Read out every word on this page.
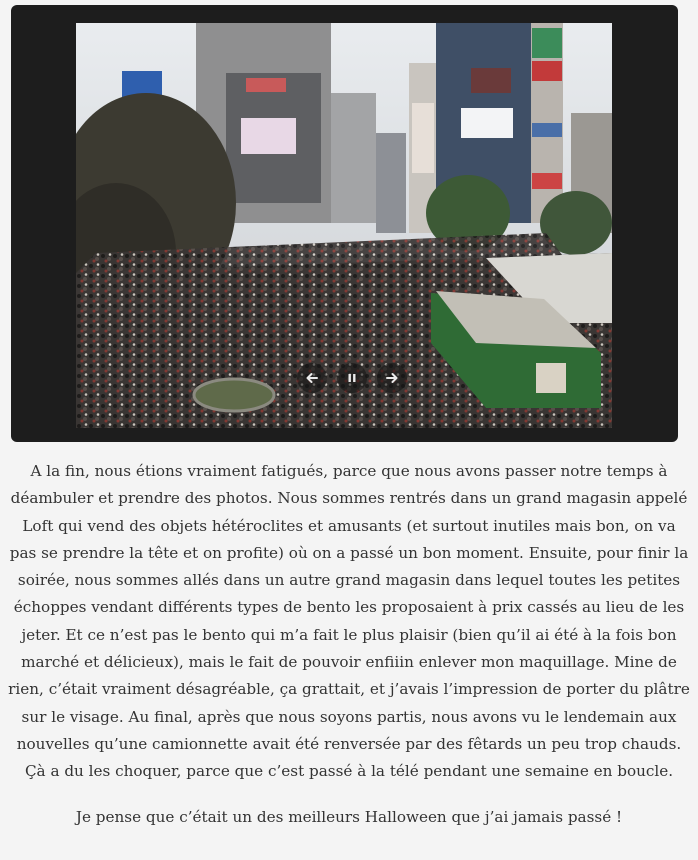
A la fin, nous étions vraiment fatigués, parce que nous avons passer notre temps à déambuler et prendre des photos. Nous sommes rentrés dans un grand magasin appelé Loft qui vend des objets hétéroclites et amusants (et surtout inutiles mais bon, on va pas se prendre la tête et on profite) où on a passé un bon moment. Ensuite, pour finir la soirée, nous sommes allés dans un autre grand magasin dans lequel toutes les petites échoppes vendant différents types de bento les proposaient à prix cassés au lieu de les jeter. Et ce n’est pas le bento qui m’a fait le plus plaisir (bien qu’il ai été à la fois bon marché et délicieux), mais le fait de pouvoir enfiiin enlever mon maquillage. Mine de rien, c’était vraiment désagréable, ça grattait, et j’avais l’impression de porter du plâtre sur le visage. Au final, après que nous soyons partis, nous avons vu le lendemain aux nouvelles qu’une camionnette avait été renversée par des fêtards un peu trop chauds. Çà a du les choquer, parce que c’est passé à la télé pendant une semaine en boucle.

Je pense que c’était un des meilleurs Halloween que j’ai jamais passé !
